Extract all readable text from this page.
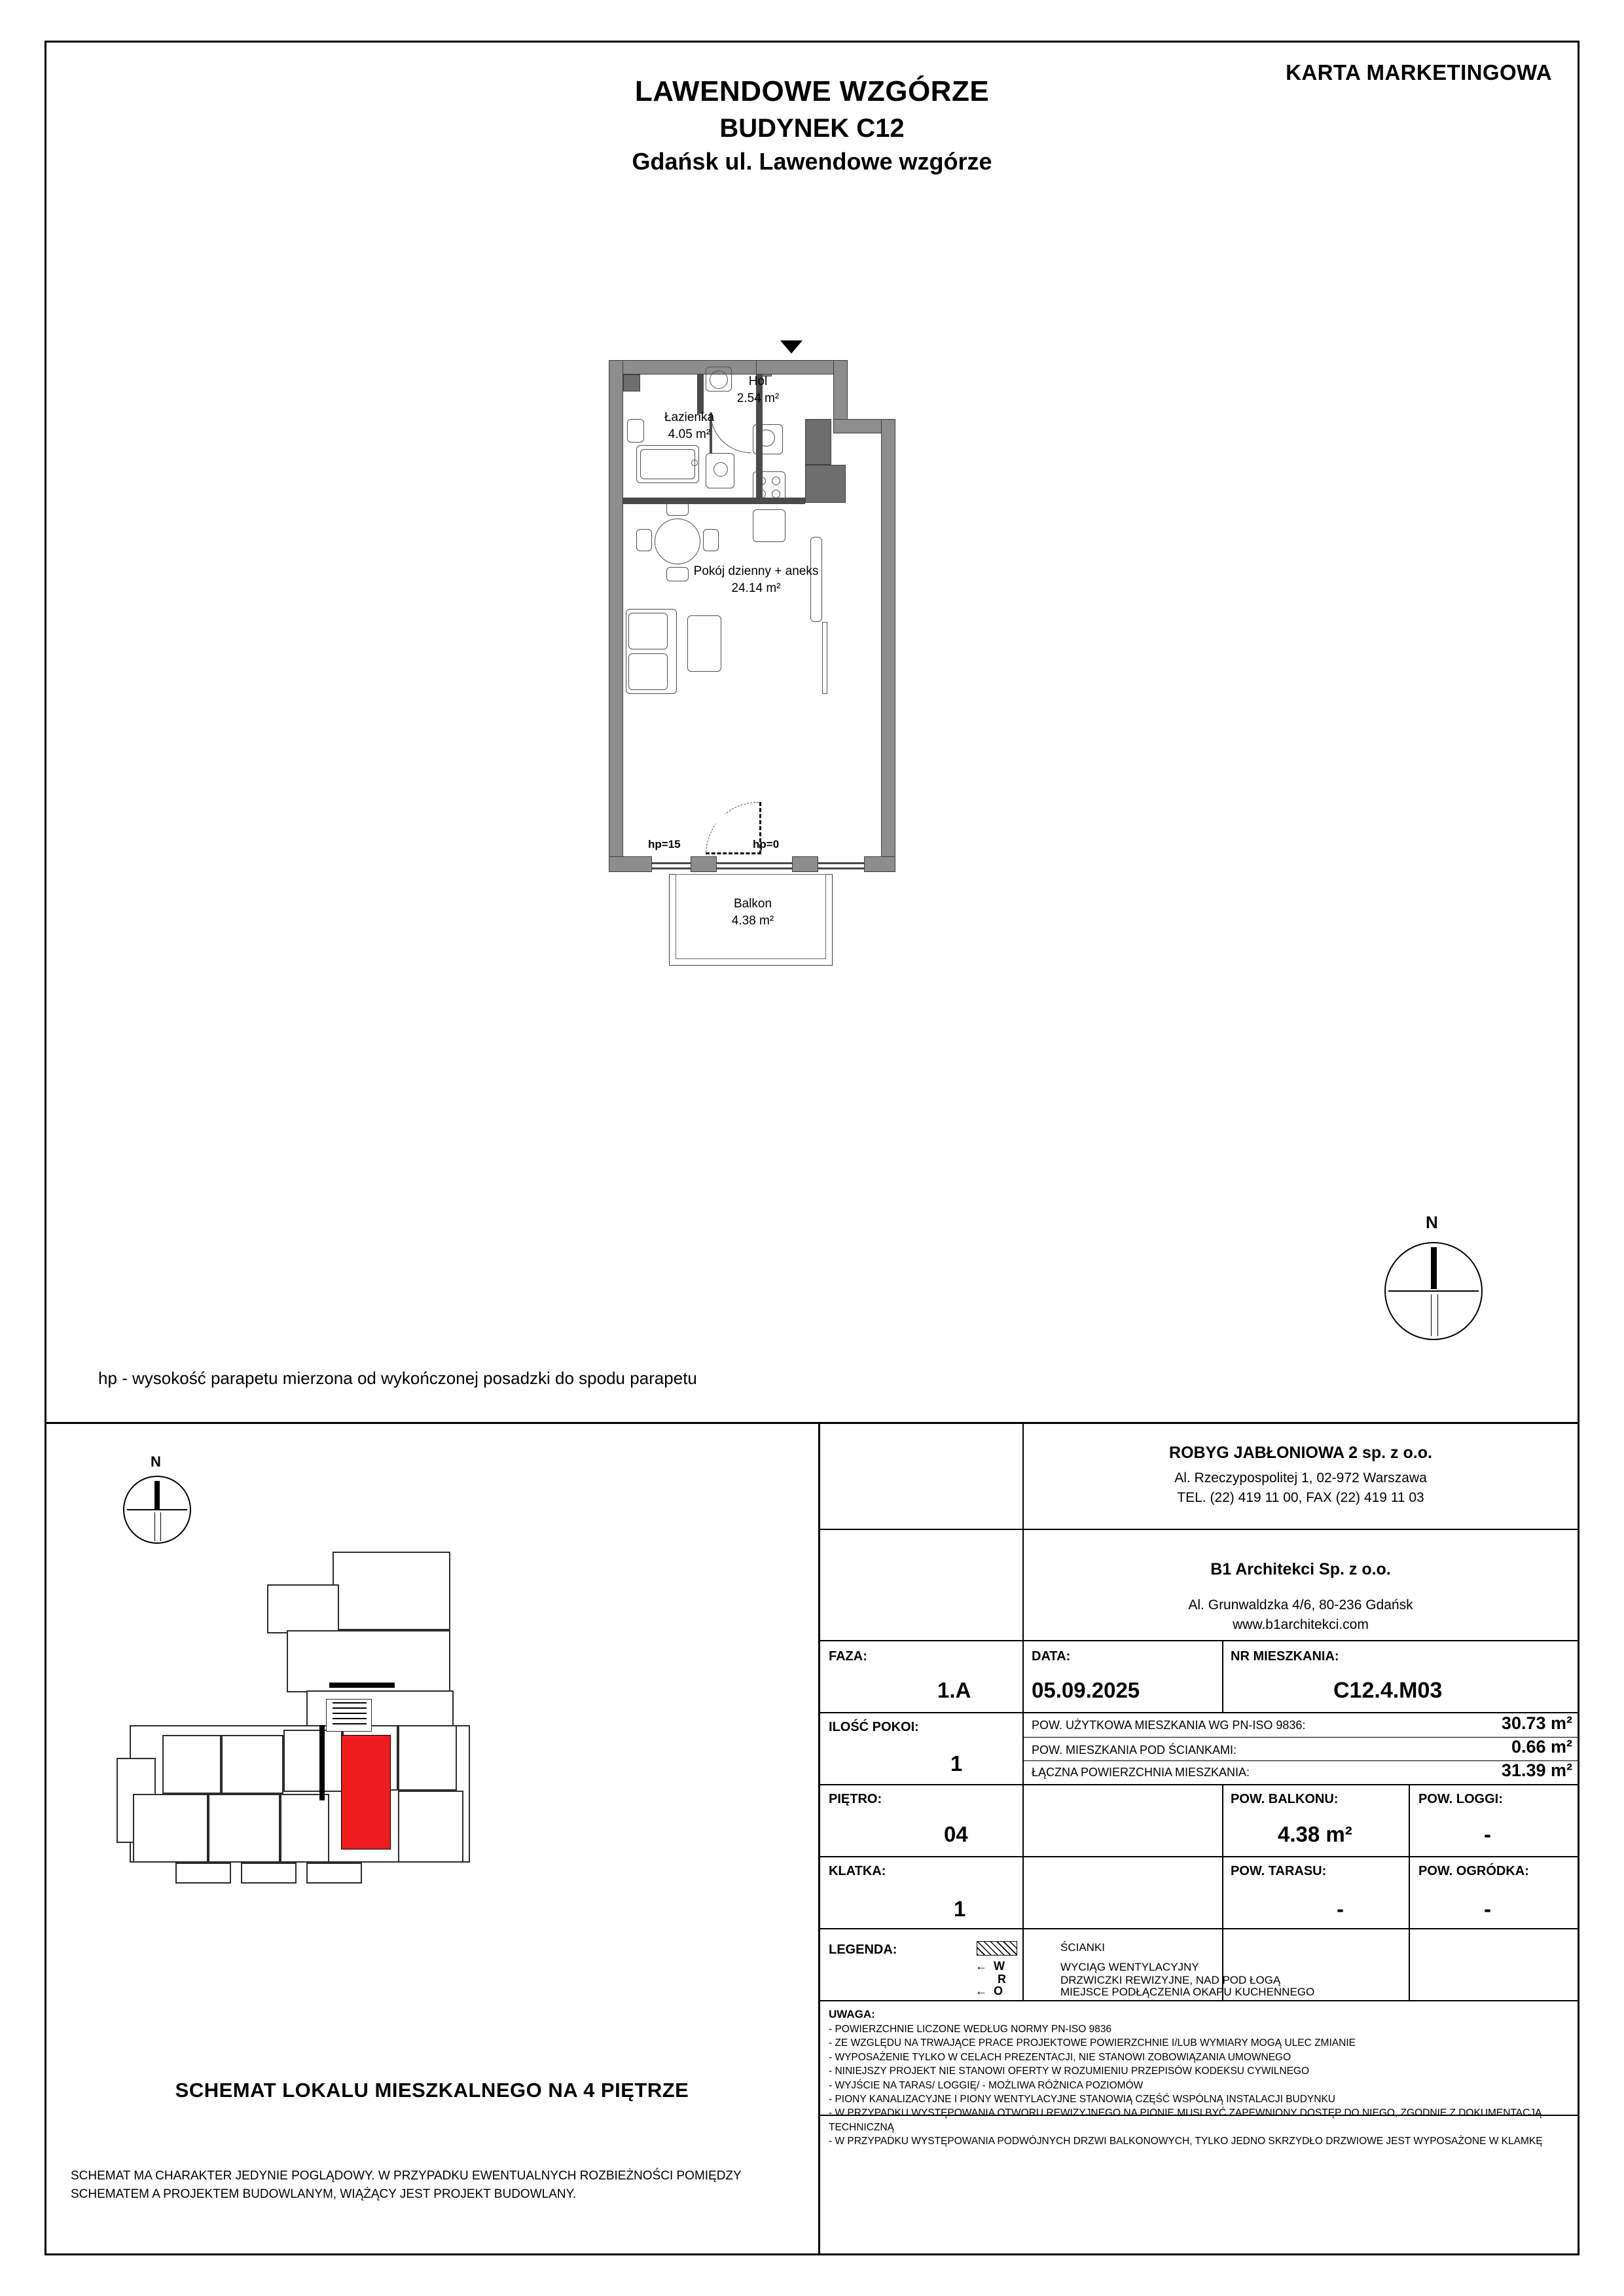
LAWENDOWE WZGÓRZE
BUDYNEK C12
Gdańsk ul. Lawendowe wzgórze
KARTA MARKETINGOWA
hp=15	hp=0
Hol
2.54 m²
Łazienka
4.05 m²
Pokój dzienny + aneks
24.14 m²
Balkon
4.38 m²
N
hp - wysokość parapetu mierzona od wykończonej posadzki do spodu parapetu
N
SCHEMAT LOKALU MIESZKALNEGO NA 4 PIĘTRZE
SCHEMAT MA CHARAKTER JEDYNIE POGLĄDOWY. W PRZYPADKU EWENTUALNYCH ROZBIEŻNOŚCI POMIĘDZY SCHEMATEM A PROJEKTEM BUDOWLANYM, WIĄŻĄCY JEST PROJEKT BUDOWLANY.
ROBYG JABŁONIOWA 2 sp. z o.o.
Al. Rzeczypospolitej 1, 02-972 Warszawa
TEL. (22) 419 11 00, FAX (22) 419 11 03
B1 Architekci Sp. z o.o.
Al. Grunwaldzka 4/6, 80-236 Gdańsk
www.b1architekci.com
FAZA:
1.A
DATA:
05.09.2025
NR MIESZKANIA:
C12.4.M03
ILOŚĆ POKOI:
1
POW. UŻYTKOWA MIESZKANIA WG PN-ISO 9836:	30.73 m²
POW. MIESZKANIA POD ŚCIANKAMI:	0.66 m²
ŁĄCZNA POWIERZCHNIA MIESZKANIA:	31.39 m²
PIĘTRO:
04
POW. BALKONU:
4.38 m²
POW. LOGGI:
-
KLATKA:
1
POW. TARASU:
-
POW. OGRÓDKA:
-
LEGENDA:	ŚCIANKI
←  W	WYCIĄG WENTYLACYJNY
R	DRZWICZKI REWIZYJNE, NAD POD ŁOGĄ
←  O	MIEJSCE PODŁĄCZENIA OKAPU KUCHENNEGO
UWAGA:
- POWIERZCHNIE LICZONE WEDŁUG NORMY PN-ISO 9836
- ZE WZGLĘDU NA TRWAJĄCE PRACE PROJEKTOWE POWIERZCHNIE I/LUB WYMIARY MOGĄ ULEC ZMIANIE
- WYPOSAŻENIE TYLKO W CELACH PREZENTACJI, NIE STANOWI ZOBOWIĄZANIA UMOWNEGO
- NINIEJSZY PROJEKT NIE STANOWI OFERTY W ROZUMIENIU PRZEPISÓW KODEKSU CYWILNEGO
- WYJŚCIE NA TARAS/ LOGGIĘ/ - MOŻLIWA RÓŻNICA POZIOMÓW
- PIONY KANALIZACYJNE I PIONY WENTYLACYJNE STANOWIĄ CZĘŚĆ WSPÓLNĄ INSTALACJI BUDYNKU
- W PRZYPADKU WYSTĘPOWANIA OTWORU REWIZYJNEGO NA PIONIE MUSI BYĆ ZAPEWNIONY DOSTĘP DO NIEGO, ZGODNIE Z DOKUMENTACJĄ TECHNICZNĄ
- W PRZYPADKU WYSTĘPOWANIA PODWÓJNYCH DRZWI BALKONOWYCH, TYLKO JEDNO SKRZYDŁO DRZWIOWE JEST WYPOSAŻONE W KLAMKĘ
